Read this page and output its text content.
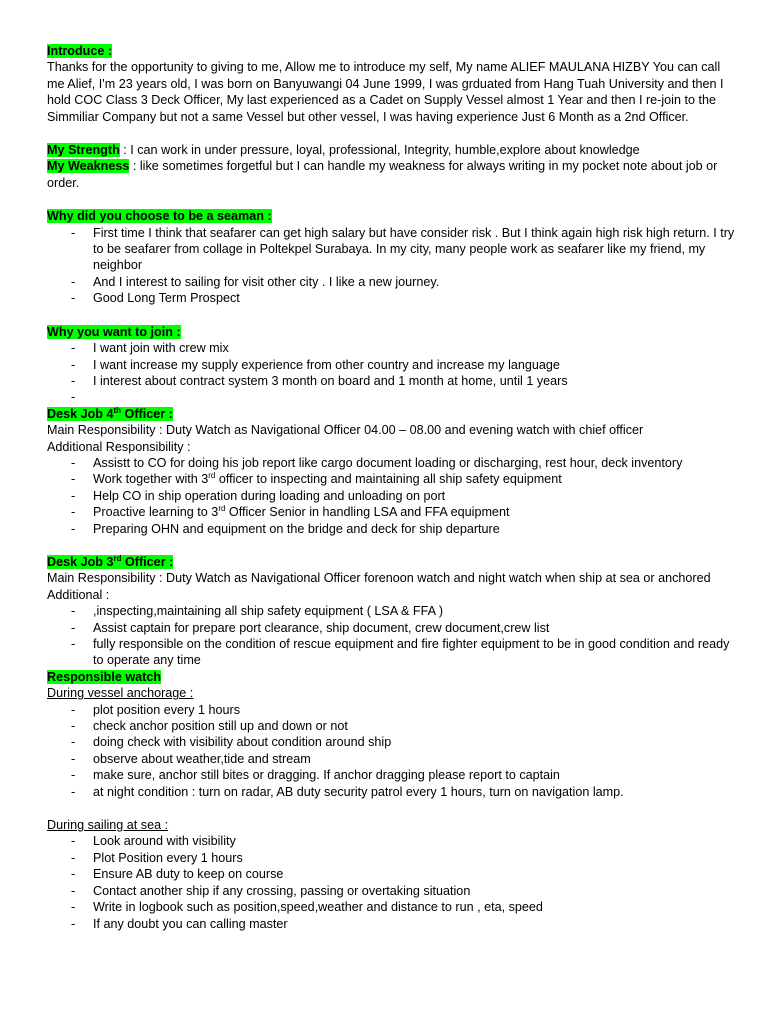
Introduce :

Thanks for the opportunity to giving to me, Allow me to introduce my self, My name ALIEF MAULANA HIZBY You can call me Alief, I'm 23 years old, I was born on Banyuwangi 04 June 1999, I was grduated from Hang Tuah University and then I hold COC Class 3 Deck Officer, My last experienced as a Cadet on Supply Vessel almost 1 Year and then I re-join to the Simmiliar Company but not a same Vessel but other vessel, I was having experience Just 6 Month as a 2nd Officer.

My Strength : I can work in under pressure, loyal, professional, Integrity, humble,explore about knowledge

My Weakness : like sometimes forgetful but I can handle my weakness for always writing in my pocket note about job or order.

Why did you choose to be a seaman :

- First time I think that seafarer can get high salary but have consider risk . But I think again high risk high return. I try to be seafarer from collage in Poltekpel Surabaya. In my city, many people work as seafarer like my friend, my neighbor
- And I interest to sailing for visit other city . I like a new journey.
- Good Long Term Prospect

Why you want to join :

- I want join with crew mix
- I want increase my supply experience from other country and increase my language
- I interest about contract system 3 month on board and 1 month at home, until 1 years
-

Desk Job 4th Officer :

Main Responsibility : Duty Watch as Navigational Officer 04.00 – 08.00 and evening watch with chief officer

Additional Responsibility :

- Assistt to CO for doing his job report like cargo document loading or discharging, rest hour, deck inventory
- Work together with 3rd officer to inspecting and maintaining all ship safety equipment
- Help CO in ship operation during loading and unloading on port
- Proactive learning to 3rd Officer Senior in handling LSA and FFA equipment
- Preparing OHN and equipment on the bridge and deck for ship departure

Desk Job 3rd Officer :

Main Responsibility : Duty Watch as Navigational Officer forenoon watch and night watch when ship at sea or anchored

Additional :

- ,inspecting,maintaining all ship safety equipment ( LSA & FFA )
- Assist captain for prepare port clearance, ship document, crew document,crew list
- fully responsible on the condition of rescue equipment and fire fighter equipment to be in good condition and ready to operate any time

Responsible watch

During vessel anchorage :

- plot position every 1 hours
- check anchor position still up and down or not
- doing check with visibility about condition around ship
- observe about weather,tide and stream
- make sure, anchor still bites or dragging. If anchor dragging please report to captain
- at night condition : turn on radar, AB duty security patrol every 1 hours, turn on navigation lamp.

During sailing at sea :

- Look around with visibility
- Plot Position every 1 hours
- Ensure AB duty to keep on course
- Contact another ship if any crossing, passing or overtaking situation
- Write in logbook such as position,speed,weather and distance to run , eta, speed
- If any doubt you can calling master
